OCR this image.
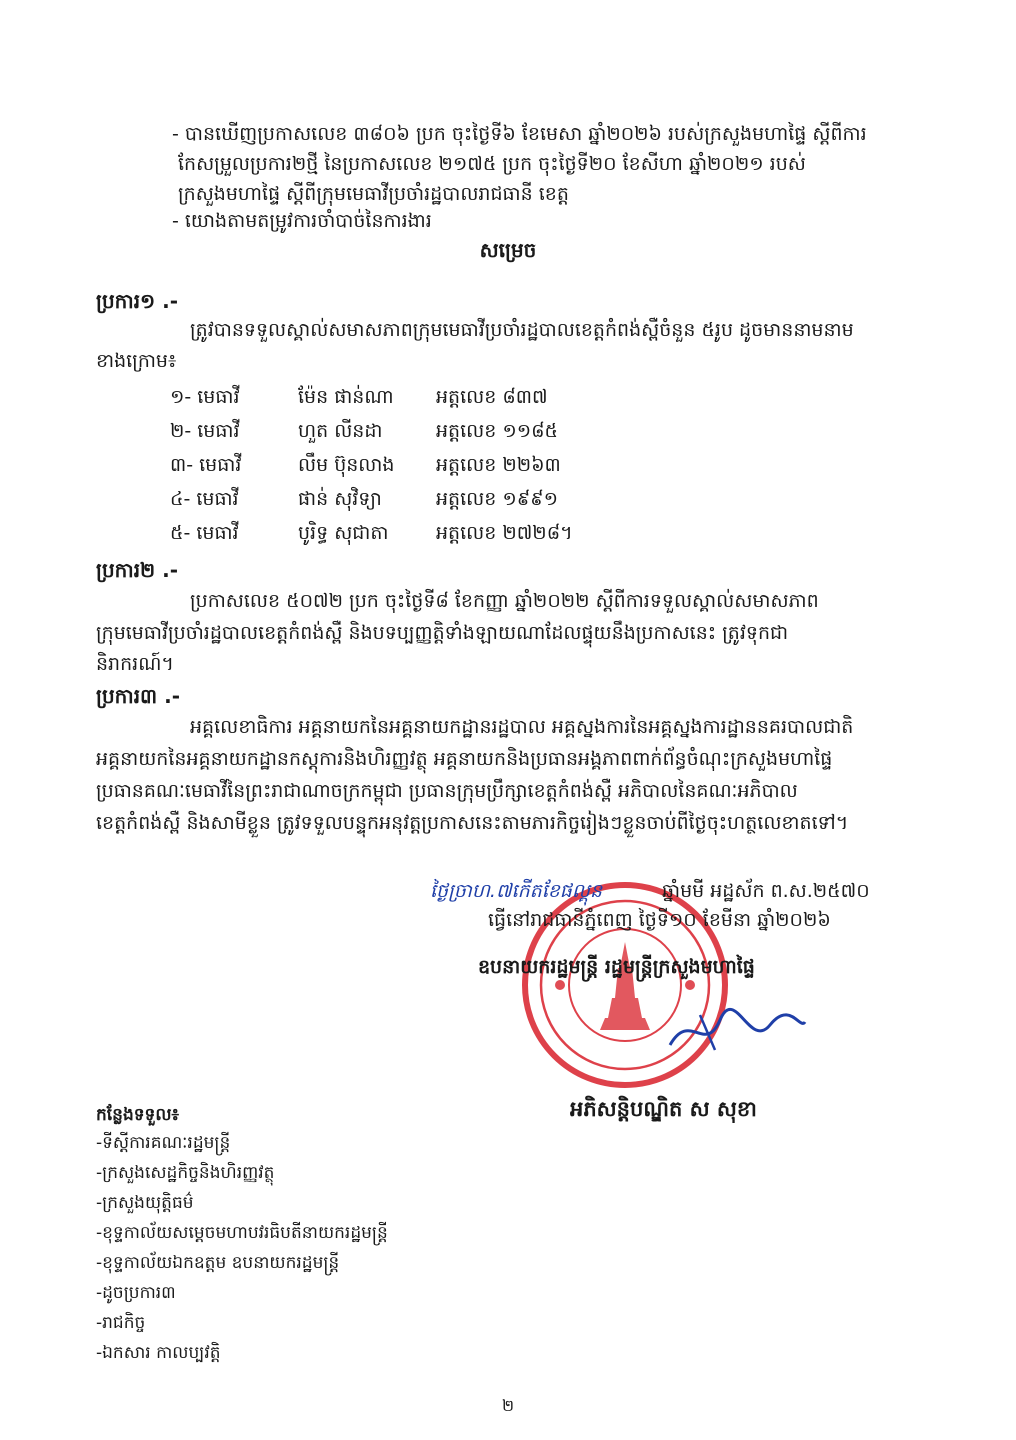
- បានឃើញប្រកាសលេខ ៣៨០៦ ប្រក ចុះថ្ងៃទី៦ ខែមេសា ឆ្នាំ២០២៦ របស់ក្រសួងមហាផ្ទៃ ស្តីពីការ
កែសម្រួលប្រការ២ថ្មី នៃប្រកាសលេខ ២១៧៥ ប្រក ចុះថ្ងៃទី២០ ខែសីហា ឆ្នាំ២០២១ របស់
ក្រសួងមហាផ្ទៃ ស្តីពីក្រុមមេធាវីប្រចាំរដ្ឋបាលរាជធានី ខេត្ត
- យោងតាមតម្រូវការចាំបាច់នៃការងារ
សម្រេច
ប្រការ១ .-
ត្រូវបានទទួលស្គាល់សមាសភាពក្រុមមេធាវីប្រចាំរដ្ឋបាលខេត្តកំពង់ស្ពឺចំនួន ៥រូប ដូចមាននាមនាម
ខាងក្រោម៖
១- មេធាវី	ម៉ែន ផាន់ណា អត្តលេខ ៨៣៧
២- មេធាវី	ហួត លីនដា	អត្តលេខ ១១៨៥
៣- មេធាវី	លឹម ប៊ុនលាង អត្តលេខ ២២៦៣
៤- មេធាវី	ផាន់ សុវិទ្យា	អត្តលេខ ១៩៩១
៥- មេធាវី	បូរិទ្ធ សុជាតា	អត្តលេខ ២៧២៨។
ប្រការ២ .-
ប្រកាសលេខ ៥០៧២ ប្រក ចុះថ្ងៃទី៨ ខែកញ្ញា ឆ្នាំ២០២២ ស្តីពីការទទួលស្គាល់សមាសភាព
ក្រុមមេធាវីប្រចាំរដ្ឋបាលខេត្តកំពង់ស្ពឺ និងបទប្បញ្ញត្តិទាំងឡាយណាដែលផ្ទុយនឹងប្រកាសនេះ ត្រូវទុកជា
និរាករណ៍។
ប្រការ៣ .-
អគ្គលេខាធិការ អគ្គនាយកនៃអគ្គនាយកដ្ឋានរដ្ឋបាល អគ្គស្នងការនៃអគ្គស្នងការដ្ឋាននគរបាលជាតិ
អគ្គនាយកនៃអគ្គនាយកដ្ឋានកស្តុការនិងហិរញ្ញវត្ថុ អគ្គនាយកនិងប្រធានអង្គភាពពាក់ព័ន្ធចំណុះក្រសួងមហាផ្ទៃ
ប្រធានគណៈមេធាវីនៃព្រះរាជាណាចក្រកម្ពុជា ប្រធានក្រុមប្រឹក្សាខេត្តកំពង់ស្ពឺ អភិបាលនៃគណៈអភិបាល
ខេត្តកំពង់ស្ពឺ និងសាមីខ្លួន ត្រូវទទួលបន្ទុកអនុវត្តប្រកាសនេះតាមភារកិច្ចរៀងៗខ្លួនចាប់ពីថ្ងៃចុះហត្ថលេខាតទៅ។
ថ្ងៃច្រាហ.៧កើតខែផល្គុន	ឆ្នាំមមី អដ្ឋស័ក ព.ស.២៥៧០
ធ្វើនៅរាជធានីភ្នំពេញ ថ្ងៃទី១០ ខែមីនា ឆ្នាំ២០២៦
ឧបនាយករដ្ឋមន្ត្រី រដ្ឋមន្ត្រីក្រសួងមហាផ្ទៃ
អភិសន្តិបណ្ឌិត ស សុខា
កន្លែងទទួល៖
-ទីស្តីការគណៈរដ្ឋមន្ត្រី
-ក្រសួងសេដ្ឋកិច្ចនិងហិរញ្ញវត្ថុ
-ក្រសួងយុត្តិធម៌
-ខុទ្ទកាល័យសម្តេចមហាបវរធិបតីនាយករដ្ឋមន្ត្រី
-ខុទ្ទកាល័យឯកឧត្តម ឧបនាយករដ្ឋមន្ត្រី
-ដូចប្រការ៣
-រាជកិច្ច
-ឯកសារ កាលប្បវត្តិ
២
